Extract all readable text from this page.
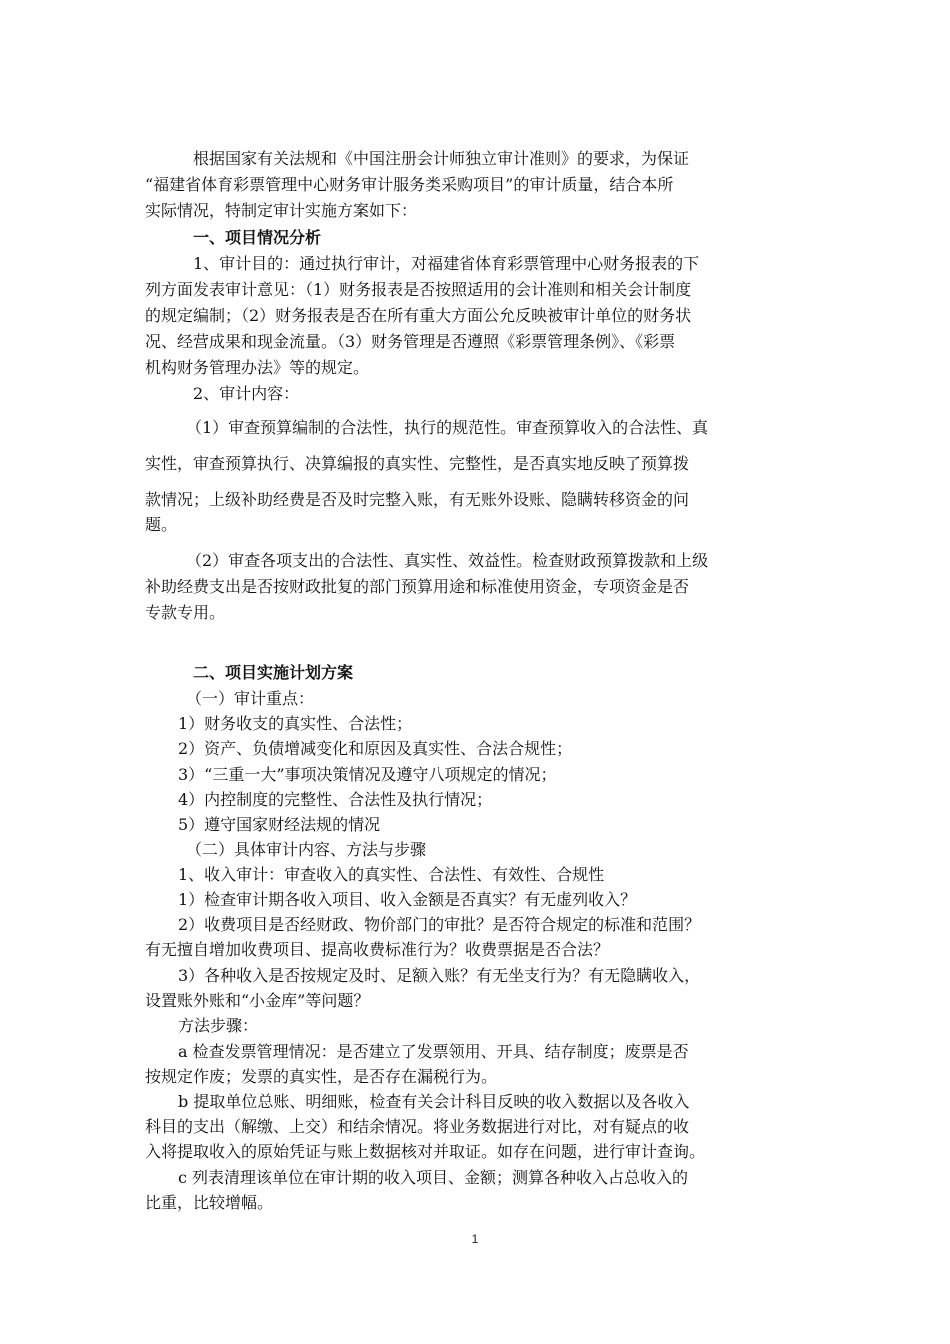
根据国家有关法规和《中国注册会计师独立审计准则》的要求，为保证
“福建省体育彩票管理中心财务审计服务类采购项目”的审计质量，结合本所
实际情况，特制定审计实施方案如下：
一、项目情况分析
1、审计目的：通过执行审计，对福建省体育彩票管理中心财务报表的下
列方面发表审计意见：（1）财务报表是否按照适用的会计准则和相关会计制度
的规定编制；（2）财务报表是否在所有重大方面公允反映被审计单位的财务状
况、经营成果和现金流量。（3）财务管理是否遵照《彩票管理条例》、《彩票
机构财务管理办法》等的规定。
2、审计内容：
（1）审查预算编制的合法性，执行的规范性。审查预算收入的合法性、真
实性，审查预算执行、决算编报的真实性、完整性，是否真实地反映了预算拨
款情况；上级补助经费是否及时完整入账，有无账外设账、隐瞒转移资金的问
题。
（2）审查各项支出的合法性、真实性、效益性。检查财政预算拨款和上级
补助经费支出是否按财政批复的部门预算用途和标准使用资金，专项资金是否
专款专用。
二、项目实施计划方案
（一）审计重点：
1）财务收支的真实性、合法性；
2）资产、负债增减变化和原因及真实性、合法合规性；
3）“三重一大”事项决策情况及遵守八项规定的情况；
4）内控制度的完整性、合法性及执行情况；
5）遵守国家财经法规的情况
（二）具体审计内容、方法与步骤
1、收入审计：审查收入的真实性、合法性、有效性、合规性
1）检查审计期各收入项目、收入金额是否真实？有无虚列收入？
2）收费项目是否经财政、物价部门的审批？是否符合规定的标准和范围？
有无擅自增加收费项目、提高收费标准行为？收费票据是否合法？
3）各种收入是否按规定及时、足额入账？有无坐支行为？有无隐瞒收入，
设置账外账和“小金库”等问题？
方法步骤：
a 检查发票管理情况：是否建立了发票领用、开具、结存制度；废票是否
按规定作废；发票的真实性，是否存在漏税行为。
b 提取单位总账、明细账，检查有关会计科目反映的收入数据以及各收入
科目的支出（解缴、上交）和结余情况。将业务数据进行对比，对有疑点的收
入将提取收入的原始凭证与账上数据核对并取证。如存在问题，进行审计查询。
c 列表清理该单位在审计期的收入项目、金额；测算各种收入占总收入的
比重，比较增幅。
1
